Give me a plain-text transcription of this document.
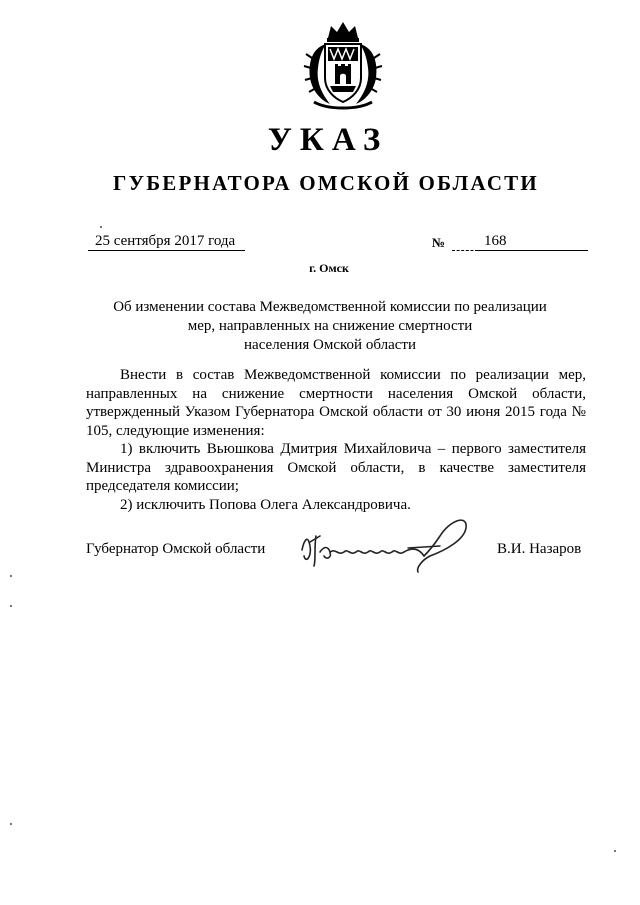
УКАЗ
ГУБЕРНАТОРА ОМСКОЙ ОБЛАСТИ
25 сентября 2017 года	№	168
г. Омск
Об изменении состава Межведомственной комиссии по реализации
мер, направленных на снижение смертности
населения Омской области

Внести в состав Межведомственной комиссии по реализации мер, направленных на снижение смертности населения Омской области, утвержденный Указом Губернатора Омской области от 30 июня 2015 года № 105, следующие изменения:

1) включить Вьюшкова Дмитрия Михайловича – первого заместителя Министра здравоохранения Омской области, в качестве заместителя председателя комиссии;

2) исключить Попова Олега Александровича.

Губернатор Омской области	В.И. Назаров
